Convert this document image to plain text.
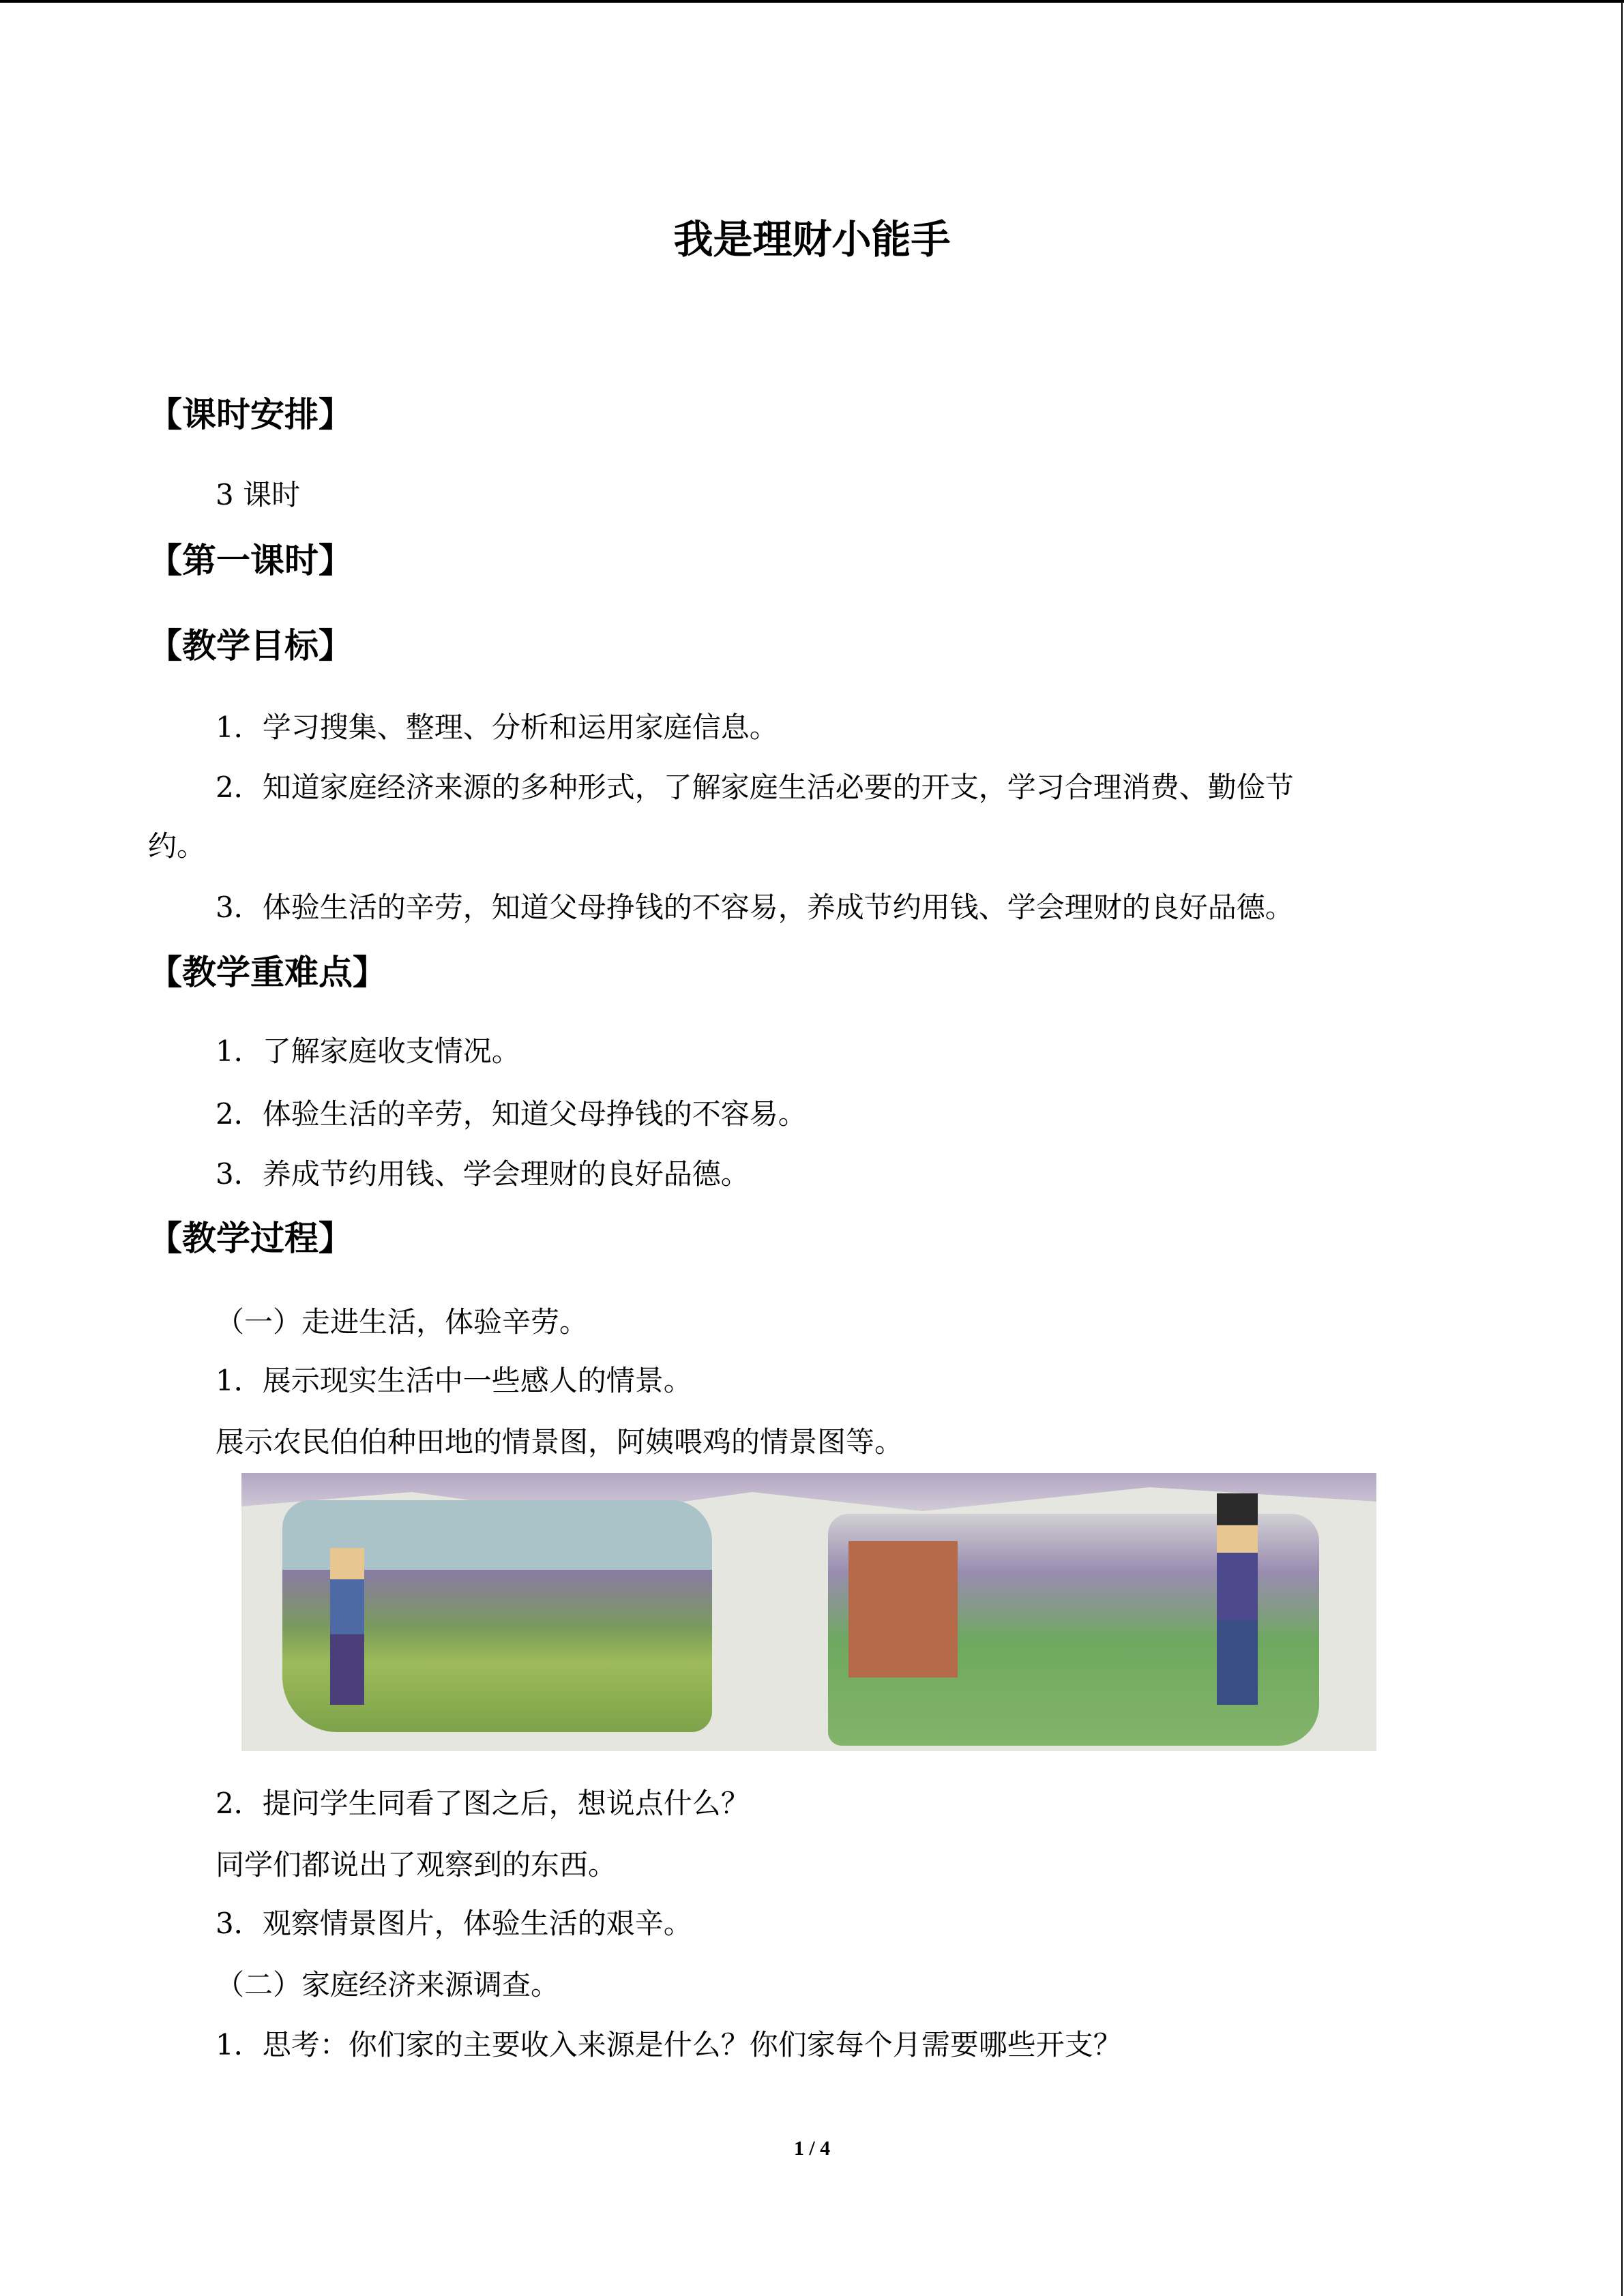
我是理财小能手
【课时安排】
3 课时
【第一课时】
【教学目标】
1．学习搜集、整理、分析和运用家庭信息。
2．知道家庭经济来源的多种形式，了解家庭生活必要的开支，学习合理消费、勤俭节
约。
3．体验生活的辛劳，知道父母挣钱的不容易，养成节约用钱、学会理财的良好品德。
【教学重难点】
1．了解家庭收支情况。
2．体验生活的辛劳，知道父母挣钱的不容易。
3．养成节约用钱、学会理财的良好品德。
【教学过程】
（一）走进生活，体验辛劳。
1．展示现实生活中一些感人的情景。
展示农民伯伯种田地的情景图，阿姨喂鸡的情景图等。
2．提问学生同看了图之后，想说点什么？
同学们都说出了观察到的东西。
3．观察情景图片，体验生活的艰辛。
（二）家庭经济来源调查。
1．思考：你们家的主要收入来源是什么？你们家每个月需要哪些开支？
1 / 4
